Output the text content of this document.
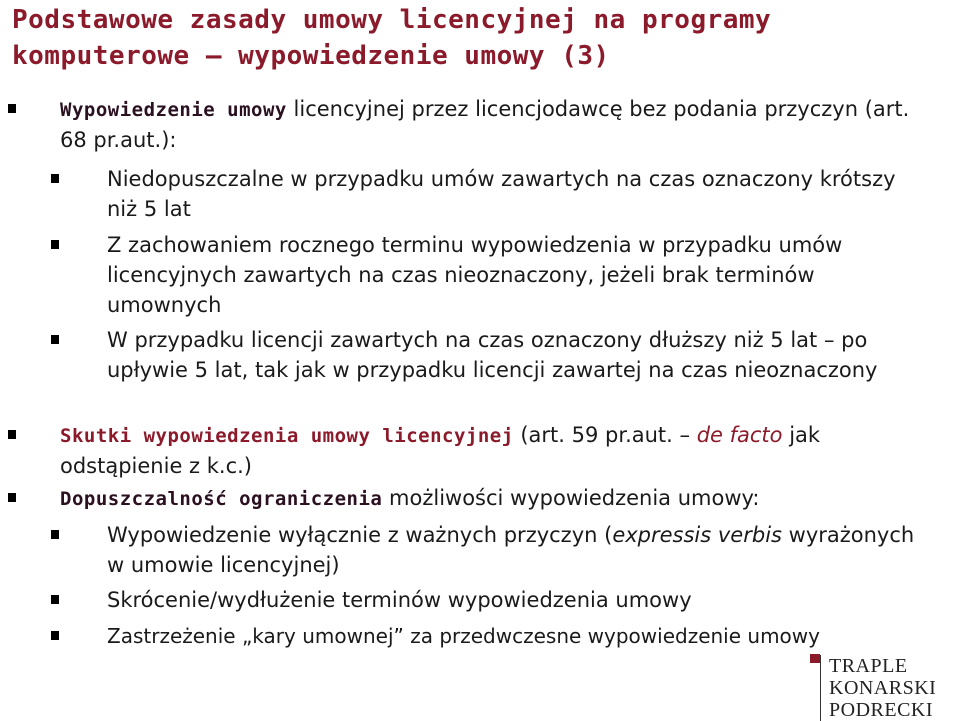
Podstawowe zasady umowy licencyjnej na programy
komputerowe – wypowiedzenie umowy (3)
Wypowiedzenie umowy licencyjnej przez licencjodawcę bez podania przyczyn (art. 68 pr.aut.):
Niedopuszczalne w przypadku umów zawartych na czas oznaczony krótszy niż 5 lat
Z zachowaniem rocznego terminu wypowiedzenia w przypadku umów licencyjnych zawartych na czas nieoznaczony, jeżeli brak terminów umownych
W przypadku licencji zawartych na czas oznaczony dłuższy niż 5 lat – po upływie 5 lat, tak jak w przypadku licencji zawartej na czas nieoznaczony
Skutki wypowiedzenia umowy licencyjnej (art. 59 pr.aut. – de facto jak odstąpienie z k.c.)
Dopuszczalność ograniczenia możliwości wypowiedzenia umowy:
Wypowiedzenie wyłącznie z ważnych przyczyn (expressis verbis wyrażonych w umowie licencyjnej)
Skrócenie/wydłużenie terminów wypowiedzenia umowy
Zastrzeżenie „kary umownej” za przedwczesne wypowiedzenie umowy
TRAPLE
KONARSKI
PODRECKI
